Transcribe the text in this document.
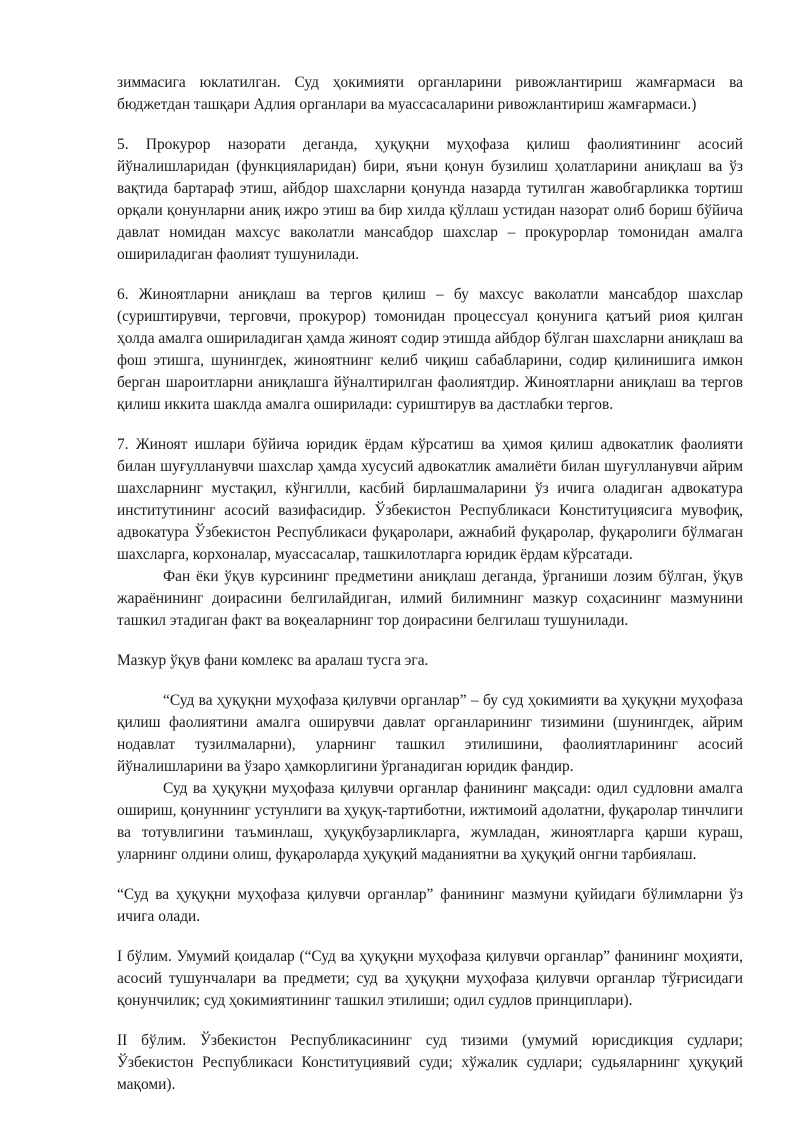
зиммасига юклатилган. Суд ҳокимияти органларини ривожлантириш жамғармаси ва бюджетдан ташқари Адлия органлари ва муассасаларини ривожлантириш жамғармаси.)

5. Прокурор назорати деганда, ҳуқуқни муҳофаза қилиш фаолиятининг асосий йўналишларидан (функцияларидан) бири, яъни қонун бузилиш ҳолатларини аниқлаш ва ўз вақтида бартараф этиш, айбдор шахсларни қонунда назарда тутилган жавобгарликка тортиш орқали қонунларни аниқ ижро этиш ва бир хилда қўллаш устидан назорат олиб бориш бўйича давлат номидан махсус ваколатли мансабдор шахслар – прокурорлар томонидан амалга ошириладиган фаолият тушунилади.

6. Жиноятларни аниқлаш ва тергов қилиш – бу махсус ваколатли мансабдор шахслар (суриштирувчи, терговчи, прокурор) томонидан процессуал қонунига қатъий риоя қилган ҳолда амалга ошириладиган ҳамда жиноят содир этишда айбдор бўлган шахсларни аниқлаш ва фош этишга, шунингдек, жиноятнинг келиб чиқиш сабабларини, содир қилинишига имкон берган шароитларни аниқлашга йўналтирилган фаолиятдир. Жиноятларни аниқлаш ва тергов қилиш иккита шаклда амалга оширилади: суриштирув ва дастлабки тергов.

7. Жиноят ишлари бўйича юридик ёрдам кўрсатиш ва ҳимоя қилиш адвокатлик фаолияти билан шуғулланувчи шахслар ҳамда хусусий адвокатлик амалиёти билан шуғулланувчи айрим шахсларнинг мустақил, кўнгилли, касбий бирлашмаларини ўз ичига оладиган адвокатура институтининг асосий вазифасидир. Ўзбекистон Республикаси Конституциясига мувофиқ, адвокатура Ўзбекистон Республикаси фуқаролари, ажнабий фуқаролар, фуқаролиги бўлмаган шахсларга, корхоналар, муассасалар, ташкилотларга юридик ёрдам кўрсатади.

Фан ёки ўқув курсининг предметини аниқлаш деганда, ўрганиши лозим бўлган, ўқув жараёнининг доирасини белгилайдиган, илмий билимнинг мазкур соҳасининг мазмунини ташкил этадиган факт ва воқеаларнинг тор доирасини белгилаш тушунилади.

Мазкур ўқув фани комлекс ва аралаш тусга эга.

“Суд ва ҳуқуқни муҳофаза қилувчи органлар” – бу суд ҳокимияти ва ҳуқуқни муҳофаза қилиш фаолиятини амалга оширувчи давлат органларининг тизимини (шунингдек, айрим нодавлат тузилмаларни), уларнинг ташкил этилишини, фаолиятларининг асосий йўналишларини ва ўзаро ҳамкорлигини ўрганадиган юридик фандир.

Суд ва ҳуқуқни муҳофаза қилувчи органлар фанининг мақсади: одил судловни амалга ошириш, қонуннинг устунлиги ва ҳуқуқ-тартиботни, ижтимоий адолатни, фуқаролар тинчлиги ва тотувлигини таъминлаш, ҳуқуқбузарликларга, жумладан, жиноятларга қарши кураш, уларнинг олдини олиш, фуқароларда ҳуқуқий маданиятни ва ҳуқуқий онгни тарбиялаш.

“Суд ва ҳуқуқни муҳофаза қилувчи органлар” фанининг мазмуни қуйидаги бўлимларни ўз ичига олади.

I бўлим. Умумий қоидалар (“Суд ва ҳуқуқни муҳофаза қилувчи органлар” фанининг моҳияти, асосий тушунчалари ва предмети; суд ва ҳуқуқни муҳофаза қилувчи органлар тўғрисидаги қонунчилик; суд ҳокимиятининг ташкил этилиши; одил судлов принциплари).

II бўлим. Ўзбекистон Республикасининг суд тизими (умумий юрисдикция судлари; Ўзбекистон Республикаси Конституциявий суди; хўжалик судлари; судьяларнинг ҳуқуқий мақоми).
